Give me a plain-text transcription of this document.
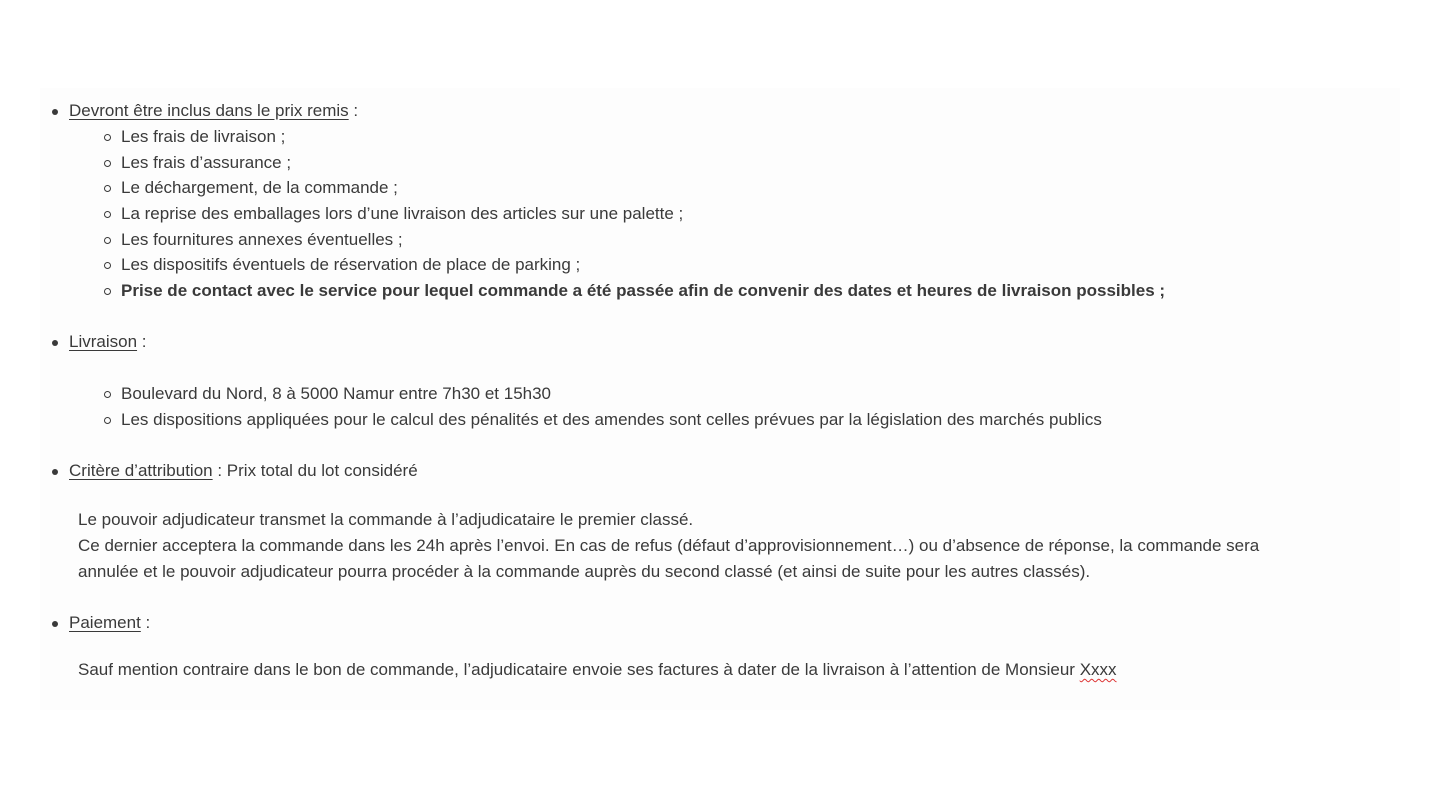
Devront être inclus dans le prix remis :
Les frais de livraison ;
Les frais d’assurance ;
Le déchargement, de la commande ;
La reprise des emballages lors d’une livraison des articles sur une palette ;
Les fournitures annexes éventuelles ;
Les dispositifs éventuels de réservation de place de parking ;
Prise de contact avec le service pour lequel commande a été passée afin de convenir des dates et heures de livraison possibles ;
Livraison :
Boulevard du Nord, 8 à 5000 Namur entre 7h30 et 15h30
Les dispositions appliquées pour le calcul des pénalités et des amendes sont celles prévues par la législation des marchés publics
Critère d’attribution : Prix total du lot considéré
Le pouvoir adjudicateur transmet la commande à l’adjudicataire le premier classé.
Ce dernier acceptera la commande dans les 24h après l’envoi. En cas de refus (défaut d’approvisionnement…) ou d’absence de réponse, la commande sera
annulée et le pouvoir adjudicateur pourra procéder à la commande auprès du second classé (et ainsi de suite pour les autres classés).
Paiement :
Sauf mention contraire dans le bon de commande, l’adjudicataire envoie ses factures à dater de la livraison à l’attention de Monsieur Xxxx
